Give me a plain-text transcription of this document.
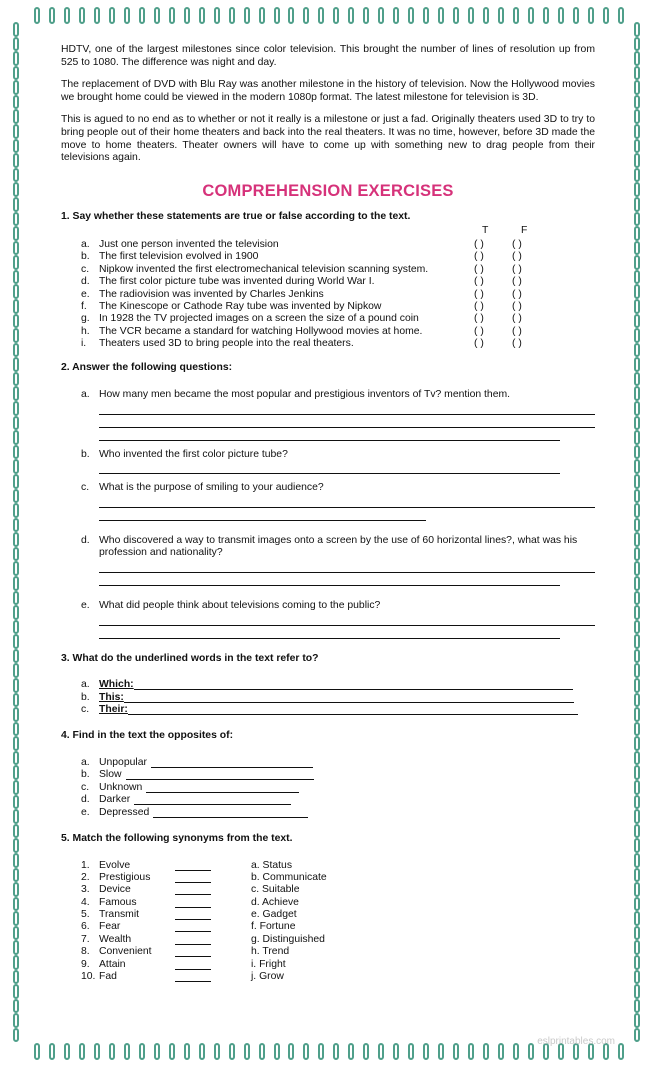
HDTV, one of the largest milestones since color television. This brought the number of lines of resolution up from 525 to 1080. The difference was night and day.

The replacement of DVD with Blu Ray was another milestone in the history of television. Now the Hollywood movies we brought home could be viewed in the modern 1080p format. The latest milestone for television is 3D.

This is agued to no end as to whether or not it really is a milestone or just a fad. Originally theaters used 3D to try to bring people out of their home theaters and back into the real theaters. It was no time, however, before 3D made the move to home theaters. Theater owners will have to come up with something new to drag people from their televisions again.

COMPREHENSION EXERCISES

1. Say whether these statements are true or false according to the text.

T	F
a. Just one person invented the television	( )	( )
b. The first television evolved in 1900	( )	( )
c. Nipkow invented the first electromechanical television scanning system.	( )	( )
d. The first color picture tube was invented during World War I.	( )	( )
e. The radiovision was invented by Charles Jenkins	( )	( )
f.	The Kinescope or Cathode Ray tube was invented by Nipkow	( )	( )
g. In 1928 the TV projected images on a screen the size of a pound coin	( )	( )
h. The VCR became a standard for watching Hollywood movies at home.	( )	( )
i.	Theaters used 3D to bring people into the real theaters.	( )	( )

2. Answer the following questions:

a. How many men became the most popular and prestigious inventors of Tv? mention them.
b. Who invented the first color picture tube?
c. What is the purpose of smiling to your audience?
d. Who discovered a way to transmit images onto a screen by the use of 60 horizontal lines?, what was his profession and nationality?
e. What did people think about televisions coming to the public?

3. What do the underlined words in the text refer to?

a. Which:
b. This:
c. Their:

4. Find in the text the opposites of:

a. Unpopular
b. Slow
c. Unknown
d. Darker
e. Depressed

5. Match the following synonyms from the text.

1. Evolve	a. Status
2. Prestigious	b. Communicate
3. Device	c. Suitable
4. Famous	d. Achieve
5. Transmit	e. Gadget
6. Fear	f. Fortune
7. Wealth	g. Distinguished
8. Convenient	h. Trend
9. Attain	i. Fright
10. Fad	j. Grow
eslprintables.com
